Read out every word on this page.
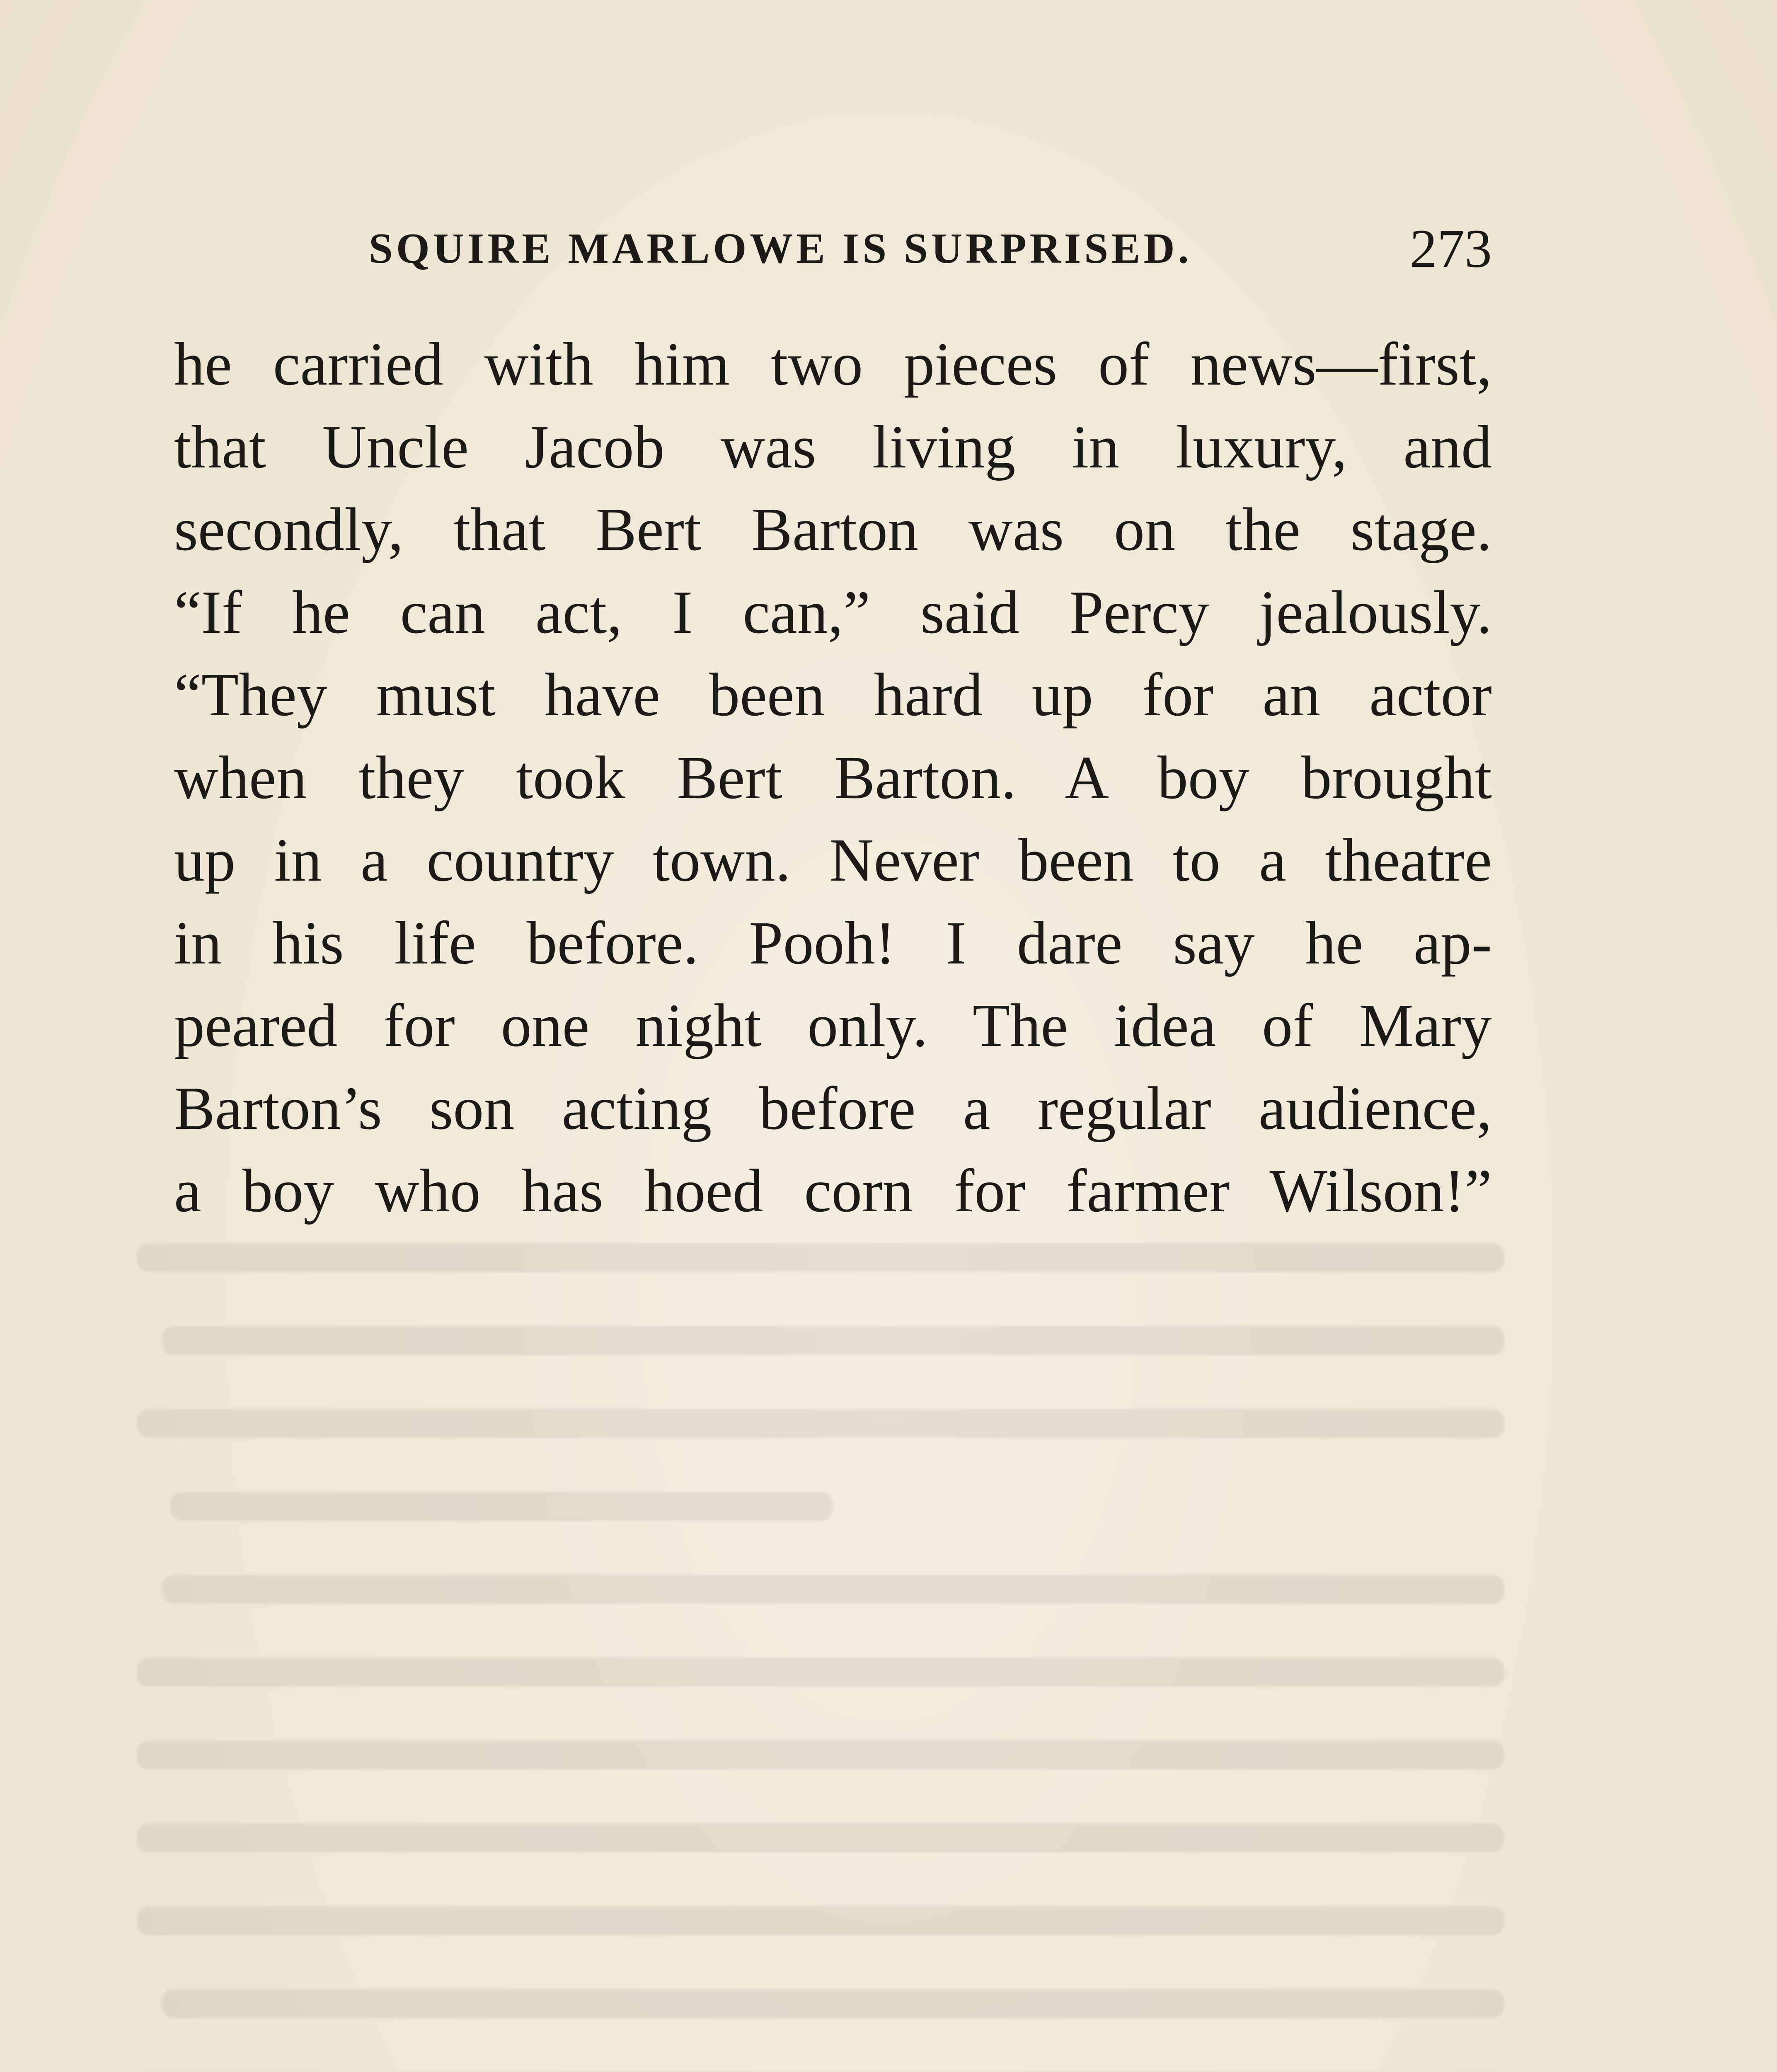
SQUIRE MARLOWE IS SURPRISED.	273
he carried with him two pieces of news—first,
that Uncle Jacob was living in luxury, and
secondly, that Bert Barton was on the stage.
“If he can act, I can,” said Percy jealously.
“They must have been hard up for an actor
when they took Bert Barton. A boy brought
up in a country town. Never been to a theatre
in his life before. Pooh! I dare say he ap-
peared for one night only. The idea of Mary
Barton’s son acting before a regular audience,
a boy who has hoed corn for farmer Wilson!”
